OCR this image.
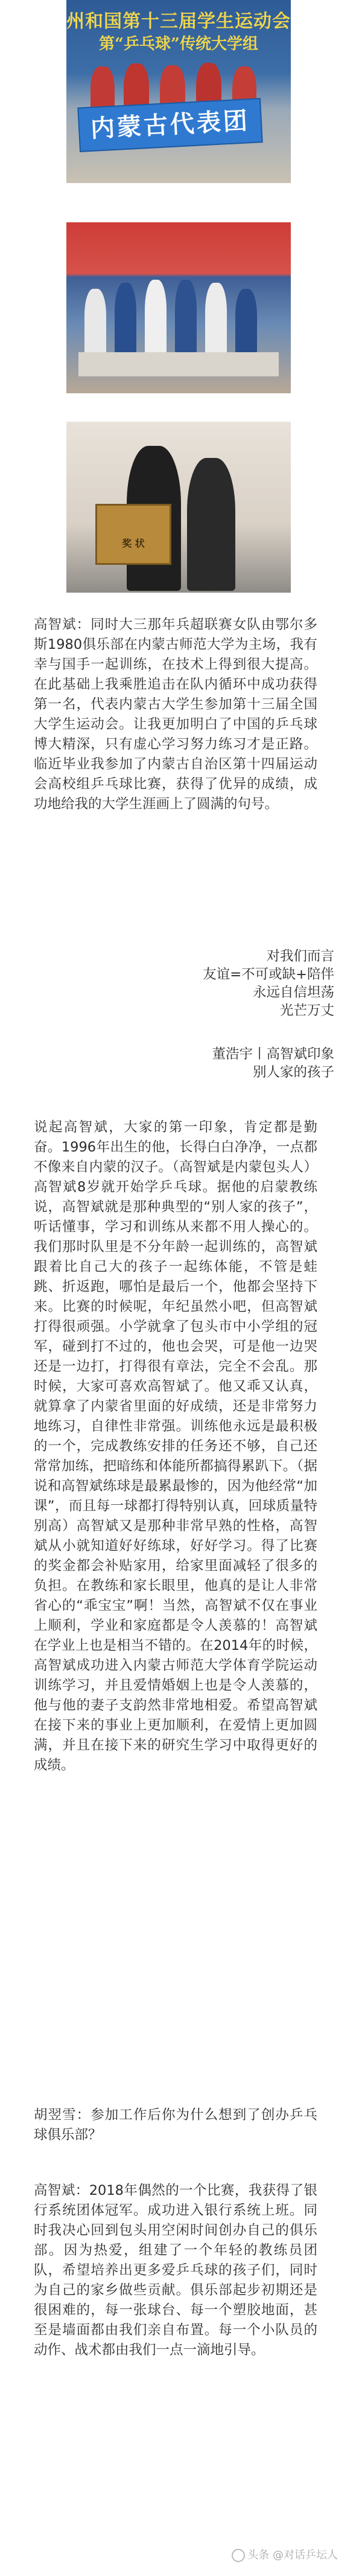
州和国第十三届学生运动会
第“乒乓球”传统大学组
内蒙古代表团
奖 状
高智斌：同时大三那年兵超联赛女队由鄂尔多斯1980俱乐部在内蒙古师范大学为主场，我有幸与国手一起训练，在技术上得到很大提高。在此基础上我乘胜追击在队内循环中成功获得第一名，代表内蒙古大学生参加第十三届全国大学生运动会。让我更加明白了中国的乒乓球博大精深，只有虚心学习努力练习才是正路。临近毕业我参加了内蒙古自治区第十四届运动会高校组乒乓球比赛，获得了优异的成绩，成功地给我的大学生涯画上了圆满的句号。
对我们而言
友谊=不可或缺+陪伴
永远自信坦荡
光芒万丈
董浩宇丨高智斌印象
别人家的孩子
说起高智斌，大家的第一印象，肯定都是勤奋。1996年出生的他，长得白白净净，一点都不像来自内蒙的汉子。（高智斌是内蒙包头人）高智斌8岁就开始学乒乓球。据他的启蒙教练说，高智斌就是那种典型的“别人家的孩子”，听话懂事，学习和训练从来都不用人操心的。我们那时队里是不分年龄一起训练的，高智斌跟着比自己大的孩子一起练体能，不管是蛙跳、折返跑，哪怕是最后一个，他都会坚持下来。比赛的时候呢，年纪虽然小吧，但高智斌打得很顽强。小学就拿了包头市中小学组的冠军，碰到打不过的，他也会哭，可是他一边哭还是一边打，打得很有章法，完全不会乱。那时候，大家可喜欢高智斌了。他又乖又认真，就算拿了内蒙省里面的好成绩，还是非常努力地练习，自律性非常强。训练他永远是最积极的一个，完成教练安排的任务还不够，自己还常常加练，把暗练和体能所都搞得累趴下。（据说和高智斌练球是最累最惨的，因为他经常“加课”，而且每一球都打得特别认真，回球质量特别高）高智斌又是那种非常早熟的性格，高智斌从小就知道好好练球，好好学习。得了比赛的奖金都会补贴家用，给家里面减轻了很多的负担。在教练和家长眼里，他真的是让人非常省心的“乖宝宝”啊！当然，高智斌不仅在事业上顺利，学业和家庭都是令人羡慕的！高智斌在学业上也是相当不错的。在2014年的时候，高智斌成功进入内蒙古师范大学体育学院运动训练学习，并且爱情婚姻上也是令人羡慕的，他与他的妻子支韵然非常地相爱。希望高智斌在接下来的事业上更加顺利，在爱情上更加圆满，并且在接下来的研究生学习中取得更好的成绩。
胡翌雪：参加工作后你为什么想到了创办乒乓球俱乐部？
高智斌：2018年偶然的一个比赛，我获得了银行系统团体冠军。成功进入银行系统上班。同时我决心回到包头用空闲时间创办自己的俱乐部。因为热爱，组建了一个年轻的教练员团队，希望培养出更多爱乒乓球的孩子们，同时为自己的家乡做些贡献。俱乐部起步初期还是很困难的，每一张球台、每一个塑胶地面，甚至是墙面都由我们亲自布置。每一个小队员的动作、战术都由我们一点一滴地引导。
头条 @对话乒坛人
